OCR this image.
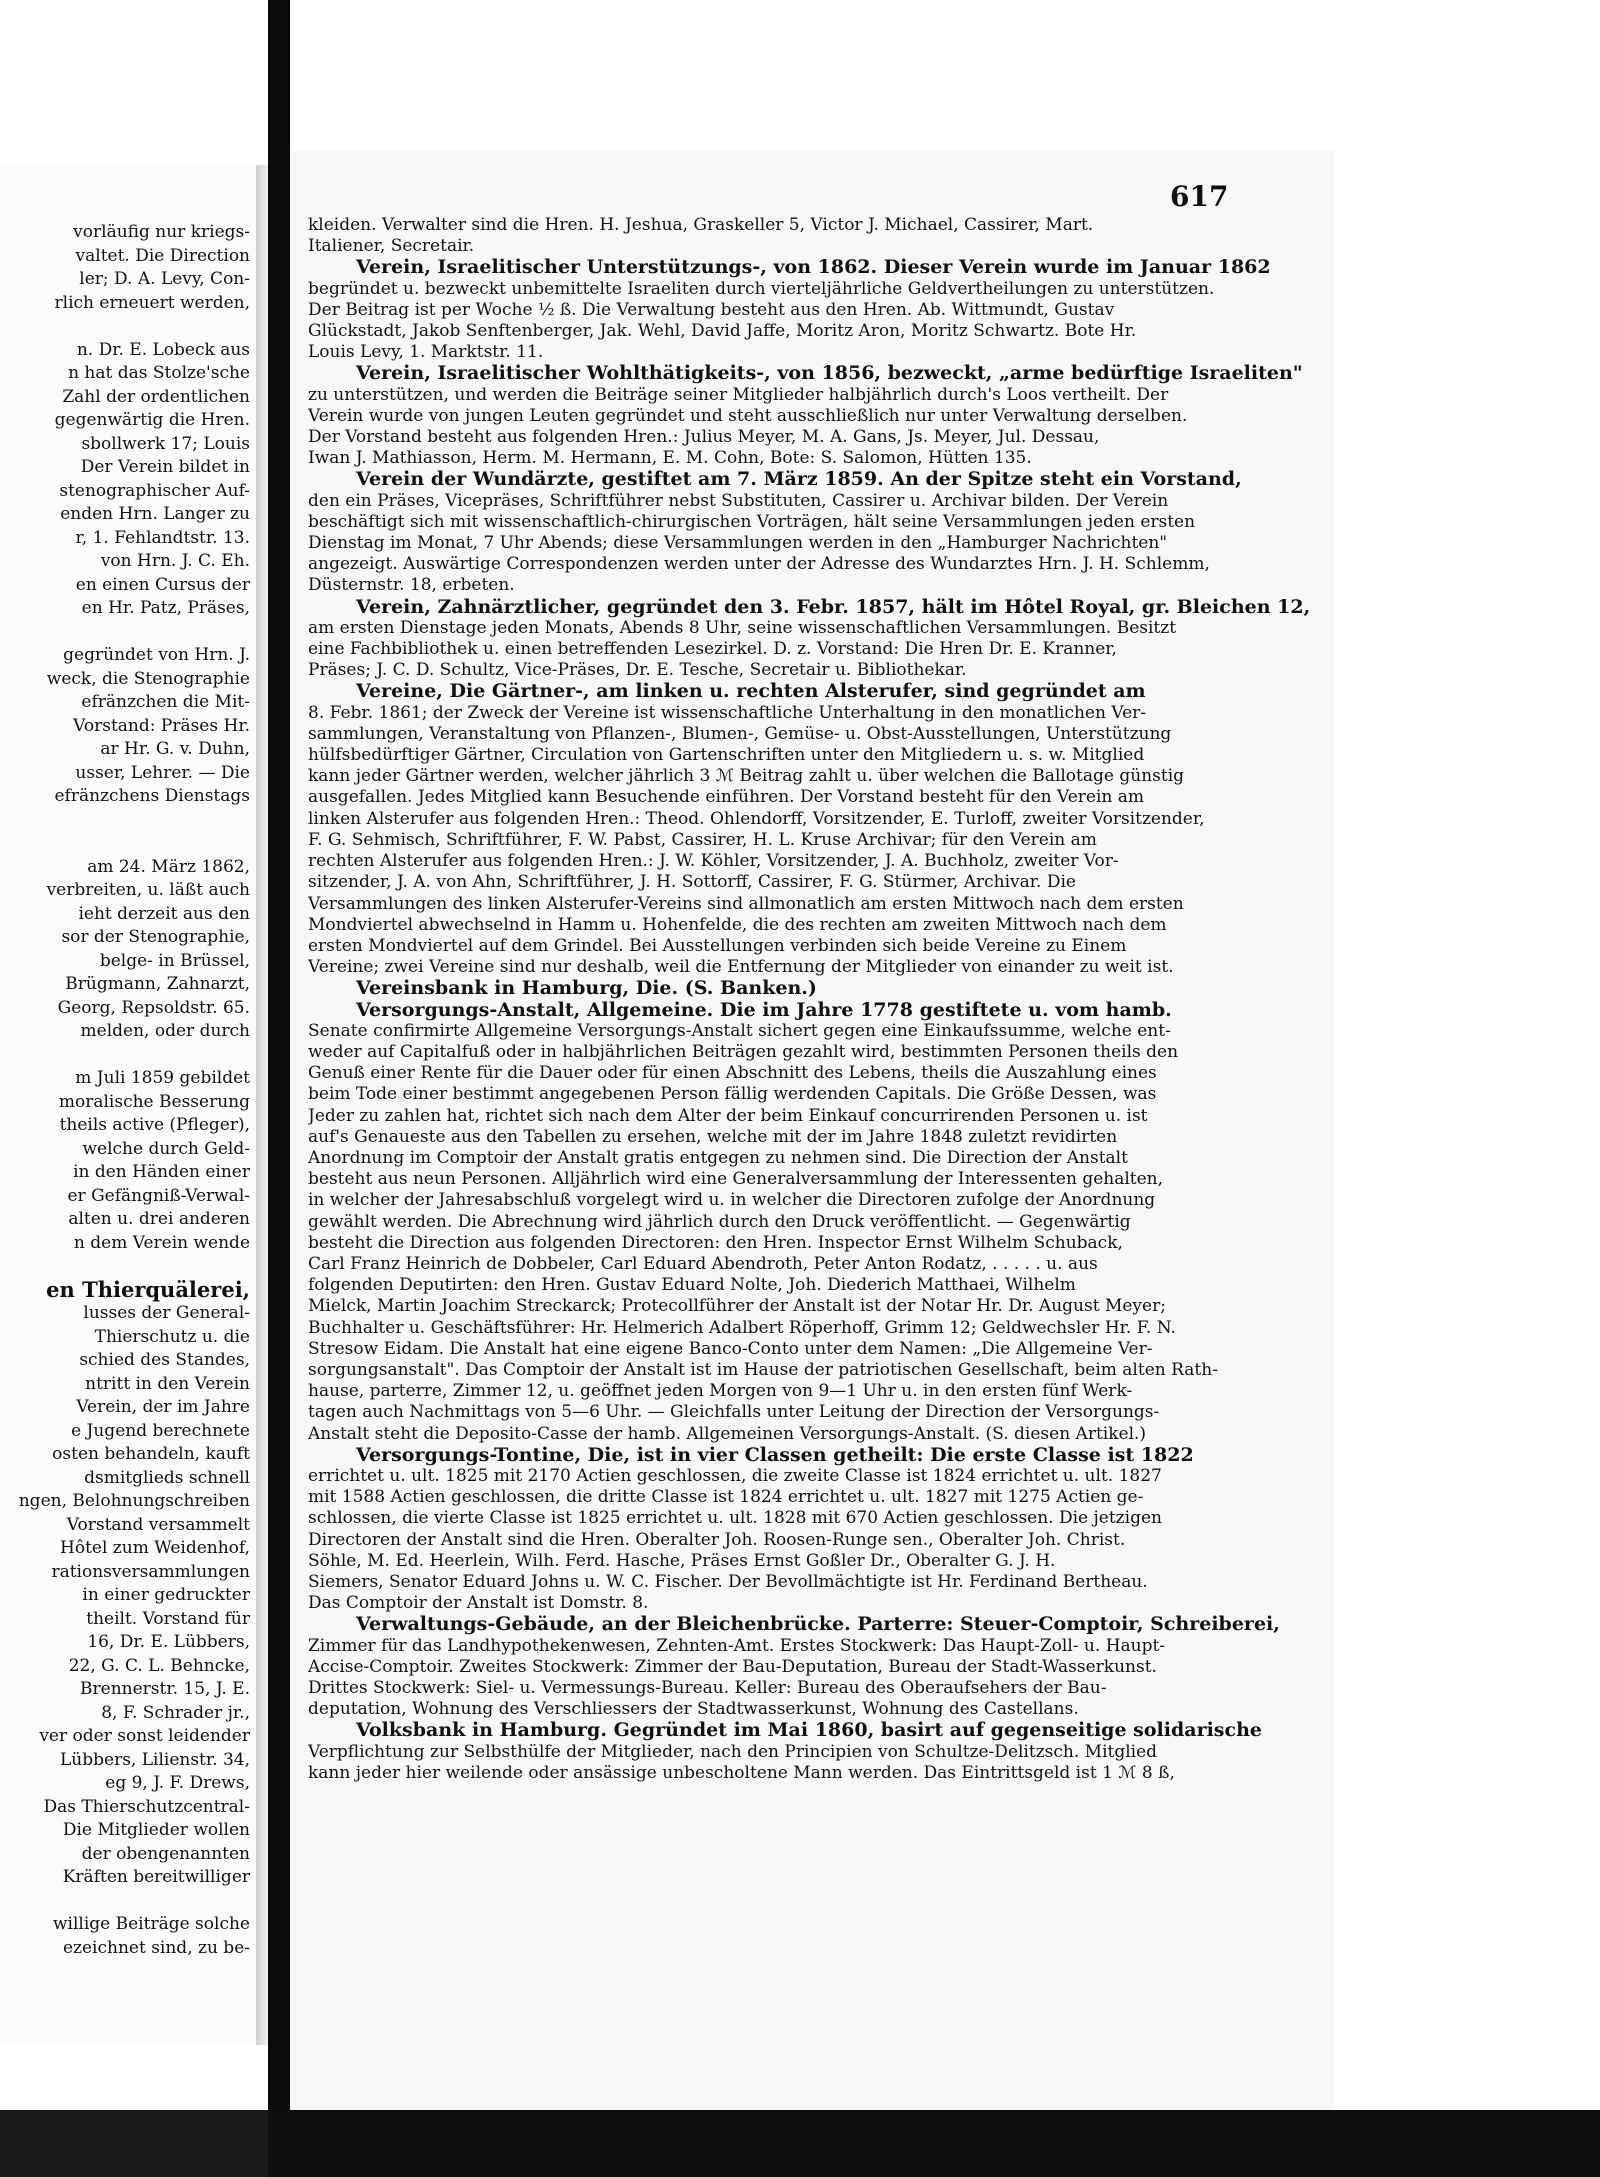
vorläufig nur kriegs-
valtet. Die Direction
ler; D. A. Levy, Con-
rlich erneuert werden,
n. Dr. E. Lobeck aus
n hat das Stolze'sche
Zahl der ordentlichen
gegenwärtig die Hren.
sbollwerk 17; Louis
Der Verein bildet in
stenographischer Auf-
enden Hrn. Langer zu
r, 1. Fehlandtstr. 13.
von Hrn. J. C. Eh.
en einen Cursus der
en Hr. Patz, Präses,
gegründet von Hrn. J.
weck, die Stenographie
efränzchen die Mit-
Vorstand: Präses Hr.
ar Hr. G. v. Duhn,
usser, Lehrer. — Die
efränzchens Dienstags
am 24. März 1862,
verbreiten, u. läßt auch
ieht derzeit aus den
sor der Stenographie,
belge- in Brüssel,
Brügmann, Zahnarzt,
Georg, Repsoldstr. 65.
melden, oder durch
m Juli 1859 gebildet
moralische Besserung
theils active (Pfleger),
welche durch Geld-
in den Händen einer
er Gefängniß-Verwal-
alten u. drei anderen
n dem Verein wende
en Thierquälerei,
lusses der General-
Thierschutz u. die
schied des Standes,
ntritt in den Verein
Verein, der im Jahre
e Jugend berechnete
osten behandeln, kauft
dsmitglieds schnell
ngen, Belohnungschreiben
Vorstand versammelt
Hôtel zum Weidenhof,
rationsversammlungen
in einer gedruckter
theilt. Vorstand für
16, Dr. E. Lübbers,
22, G. C. L. Behncke,
Brennerstr. 15, J. E.
8, F. Schrader jr.,
ver oder sonst leidender
Lübbers, Lilienstr. 34,
eg 9, J. F. Drews,
Das Thierschutzcentral-
Die Mitglieder wollen
der obengenannten
Kräften bereitwilliger
willige Beiträge solche
ezeichnet sind, zu be-
617
kleiden. Verwalter sind die Hren. H. Jeshua, Graskeller 5, Victor J. Michael, Cassirer, Mart.
Italiener, Secretair.
Verein, Israelitischer Unterstützungs-, von 1862. Dieser Verein wurde im Januar 1862
begründet u. bezweckt unbemittelte Israeliten durch vierteljährliche Geldvertheilungen zu unterstützen.
Der Beitrag ist per Woche ½ ß. Die Verwaltung besteht aus den Hren. Ab. Wittmundt, Gustav
Glückstadt, Jakob Senftenberger, Jak. Wehl, David Jaffe, Moritz Aron, Moritz Schwartz. Bote Hr.
Louis Levy, 1. Marktstr. 11.
Verein, Israelitischer Wohlthätigkeits-, von 1856, bezweckt, „arme bedürftige Israeliten"
zu unterstützen, und werden die Beiträge seiner Mitglieder halbjährlich durch's Loos vertheilt. Der
Verein wurde von jungen Leuten gegründet und steht ausschließlich nur unter Verwaltung derselben.
Der Vorstand besteht aus folgenden Hren.: Julius Meyer, M. A. Gans, Js. Meyer, Jul. Dessau,
Iwan J. Mathiasson, Herm. M. Hermann, E. M. Cohn, Bote: S. Salomon, Hütten 135.
Verein der Wundärzte, gestiftet am 7. März 1859. An der Spitze steht ein Vorstand,
den ein Präses, Vicepräses, Schriftführer nebst Substituten, Cassirer u. Archivar bilden. Der Verein
beschäftigt sich mit wissenschaftlich-chirurgischen Vorträgen, hält seine Versammlungen jeden ersten
Dienstag im Monat, 7 Uhr Abends; diese Versammlungen werden in den „Hamburger Nachrichten"
angezeigt. Auswärtige Correspondenzen werden unter der Adresse des Wundarztes Hrn. J. H. Schlemm,
Düsternstr. 18, erbeten.
Verein, Zahnärztlicher, gegründet den 3. Febr. 1857, hält im Hôtel Royal, gr. Bleichen 12,
am ersten Dienstage jeden Monats, Abends 8 Uhr, seine wissenschaftlichen Versammlungen. Besitzt
eine Fachbibliothek u. einen betreffenden Lesezirkel. D. z. Vorstand: Die Hren Dr. E. Kranner,
Präses; J. C. D. Schultz, Vice-Präses, Dr. E. Tesche, Secretair u. Bibliothekar.
Vereine, Die Gärtner-, am linken u. rechten Alsterufer, sind gegründet am
8. Febr. 1861; der Zweck der Vereine ist wissenschaftliche Unterhaltung in den monatlichen Ver-
sammlungen, Veranstaltung von Pflanzen-, Blumen-, Gemüse- u. Obst-Ausstellungen, Unterstützung
hülfsbedürftiger Gärtner, Circulation von Gartenschriften unter den Mitgliedern u. s. w. Mitglied
kann jeder Gärtner werden, welcher jährlich 3 ℳ Beitrag zahlt u. über welchen die Ballotage günstig
ausgefallen. Jedes Mitglied kann Besuchende einführen. Der Vorstand besteht für den Verein am
linken Alsterufer aus folgenden Hren.: Theod. Ohlendorff, Vorsitzender, E. Turloff, zweiter Vorsitzender,
F. G. Sehmisch, Schriftführer, F. W. Pabst, Cassirer, H. L. Kruse Archivar; für den Verein am
rechten Alsterufer aus folgenden Hren.: J. W. Köhler, Vorsitzender, J. A. Buchholz, zweiter Vor-
sitzender, J. A. von Ahn, Schriftführer, J. H. Sottorff, Cassirer, F. G. Stürmer, Archivar. Die
Versammlungen des linken Alsterufer-Vereins sind allmonatlich am ersten Mittwoch nach dem ersten
Mondviertel abwechselnd in Hamm u. Hohenfelde, die des rechten am zweiten Mittwoch nach dem
ersten Mondviertel auf dem Grindel. Bei Ausstellungen verbinden sich beide Vereine zu Einem
Vereine; zwei Vereine sind nur deshalb, weil die Entfernung der Mitglieder von einander zu weit ist.
Vereinsbank in Hamburg, Die. (S. Banken.)
Versorgungs-Anstalt, Allgemeine. Die im Jahre 1778 gestiftete u. vom hamb.
Senate confirmirte Allgemeine Versorgungs-Anstalt sichert gegen eine Einkaufssumme, welche ent-
weder auf Capitalfuß oder in halbjährlichen Beiträgen gezahlt wird, bestimmten Personen theils den
Genuß einer Rente für die Dauer oder für einen Abschnitt des Lebens, theils die Auszahlung eines
beim Tode einer bestimmt angegebenen Person fällig werdenden Capitals. Die Größe Dessen, was
Jeder zu zahlen hat, richtet sich nach dem Alter der beim Einkauf concurrirenden Personen u. ist
auf's Genaueste aus den Tabellen zu ersehen, welche mit der im Jahre 1848 zuletzt revidirten
Anordnung im Comptoir der Anstalt gratis entgegen zu nehmen sind. Die Direction der Anstalt
besteht aus neun Personen. Alljährlich wird eine Generalversammlung der Interessenten gehalten,
in welcher der Jahresabschluß vorgelegt wird u. in welcher die Directoren zufolge der Anordnung
gewählt werden. Die Abrechnung wird jährlich durch den Druck veröffentlicht. — Gegenwärtig
besteht die Direction aus folgenden Directoren: den Hren. Inspector Ernst Wilhelm Schuback,
Carl Franz Heinrich de Dobbeler, Carl Eduard Abendroth, Peter Anton Rodatz, . . . . . u. aus
folgenden Deputirten: den Hren. Gustav Eduard Nolte, Joh. Diederich Matthaei, Wilhelm
Mielck, Martin Joachim Streckarck; Protecollführer der Anstalt ist der Notar Hr. Dr. August Meyer;
Buchhalter u. Geschäftsführer: Hr. Helmerich Adalbert Röperhoff, Grimm 12; Geldwechsler Hr. F. N.
Stresow Eidam. Die Anstalt hat eine eigene Banco-Conto unter dem Namen: „Die Allgemeine Ver-
sorgungsanstalt". Das Comptoir der Anstalt ist im Hause der patriotischen Gesellschaft, beim alten Rath-
hause, parterre, Zimmer 12, u. geöffnet jeden Morgen von 9—1 Uhr u. in den ersten fünf Werk-
tagen auch Nachmittags von 5—6 Uhr. — Gleichfalls unter Leitung der Direction der Versorgungs-
Anstalt steht die Deposito-Casse der hamb. Allgemeinen Versorgungs-Anstalt. (S. diesen Artikel.)
Versorgungs-Tontine, Die, ist in vier Classen getheilt: Die erste Classe ist 1822
errichtet u. ult. 1825 mit 2170 Actien geschlossen, die zweite Classe ist 1824 errichtet u. ult. 1827
mit 1588 Actien geschlossen, die dritte Classe ist 1824 errichtet u. ult. 1827 mit 1275 Actien ge-
schlossen, die vierte Classe ist 1825 errichtet u. ult. 1828 mit 670 Actien geschlossen. Die jetzigen
Directoren der Anstalt sind die Hren. Oberalter Joh. Roosen-Runge sen., Oberalter Joh. Christ.
Söhle, M. Ed. Heerlein, Wilh. Ferd. Hasche, Präses Ernst Goßler Dr., Oberalter G. J. H.
Siemers, Senator Eduard Johns u. W. C. Fischer. Der Bevollmächtigte ist Hr. Ferdinand Bertheau.
Das Comptoir der Anstalt ist Domstr. 8.
Verwaltungs-Gebäude, an der Bleichenbrücke. Parterre: Steuer-Comptoir, Schreiberei,
Zimmer für das Landhypothekenwesen, Zehnten-Amt. Erstes Stockwerk: Das Haupt-Zoll- u. Haupt-
Accise-Comptoir. Zweites Stockwerk: Zimmer der Bau-Deputation, Bureau der Stadt-Wasserkunst.
Drittes Stockwerk: Siel- u. Vermessungs-Bureau. Keller: Bureau des Oberaufsehers der Bau-
deputation, Wohnung des Verschliessers der Stadtwasserkunst, Wohnung des Castellans.
Volksbank in Hamburg. Gegründet im Mai 1860, basirt auf gegenseitige solidarische
Verpflichtung zur Selbsthülfe der Mitglieder, nach den Principien von Schultze-Delitzsch. Mitglied
kann jeder hier weilende oder ansässige unbescholtene Mann werden. Das Eintrittsgeld ist 1 ℳ 8 ß,
